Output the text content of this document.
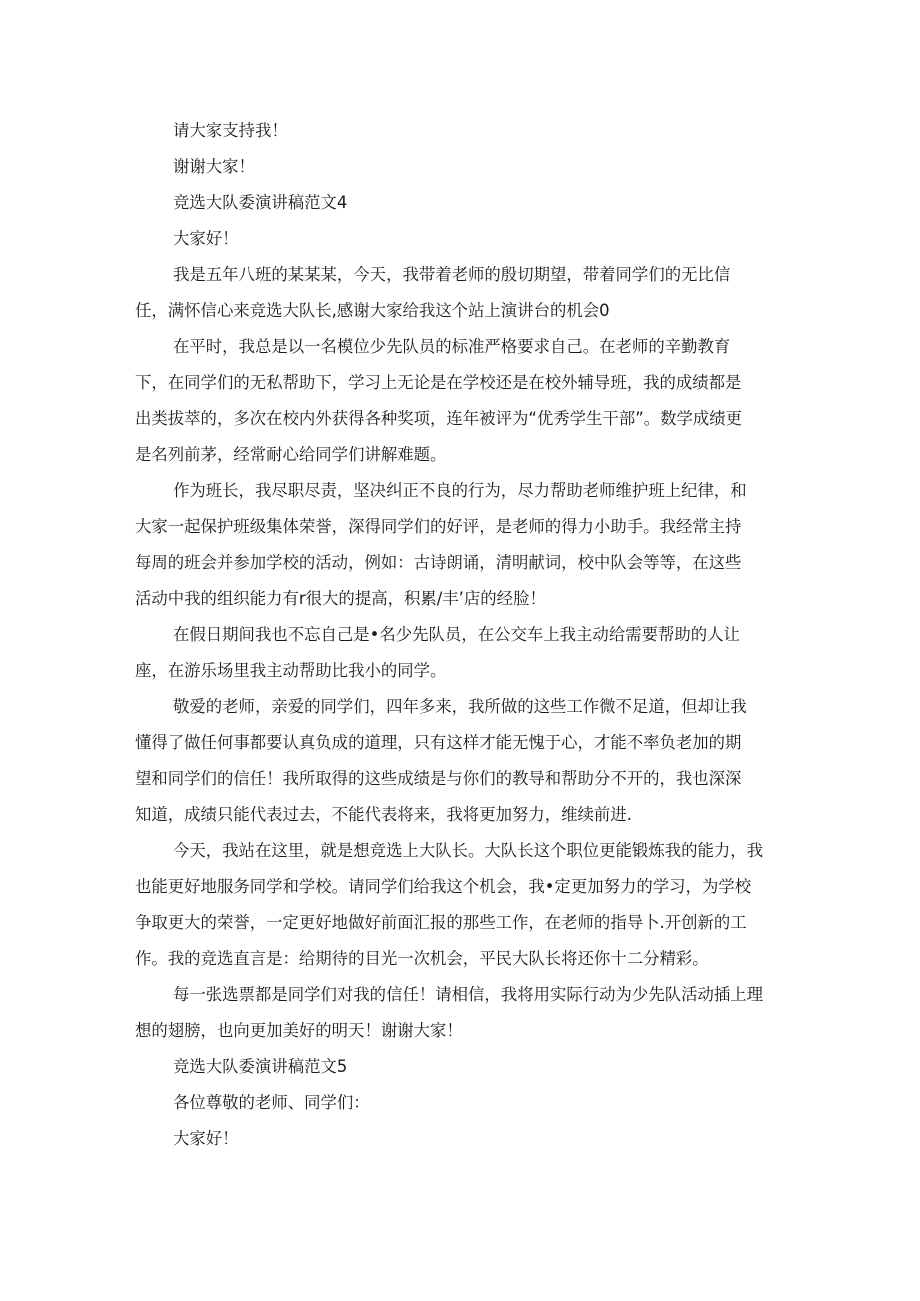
请大家支持我！

谢谢大家！

竞选大队委演讲稿范文4

大家好！

我是五年八班的某某某，今天，我带着老师的殷切期望，带着同学们的无比信

任，满怀信心来竞选大队长,感谢大家给我这个站上演讲台的机会0

在平时，我总是以一名模位少先队员的标准严格要求自己。在老师的辛勤教育

下，在同学们的无私帮助下，学习上无论是在学校还是在校外辅导班，我的成绩都是

出类拔萃的，多次在校内外获得各种奖项，连年被评为“优秀学生干部”。数学成绩更

是名列前茅，经常耐心给同学们讲解难题。

作为班长，我尽职尽责，坚决纠正不良的行为，尽力帮助老师维护班上纪律，和

大家一起保护班级集体荣誉，深得同学们的好评，是老师的得力小助手。我经常主持

每周的班会并参加学校的活动，例如：古诗朗诵，清明献词，校中队会等等，在这些

活动中我的组织能力有r很大的提高，积累/丰’店的经脸！

在假日期间我也不忘自己是•名少先队员，在公交车上我主动给需要帮助的人让

座，在游乐场里我主动帮助比我小的同学。

敬爱的老师，亲爱的同学们，四年多来，我所做的这些工作微不足道，但却让我

懂得了做任何事都要认真负成的道理，只有这样才能无愧于心，才能不率负老加的期

望和同学们的信任！我所取得的这些成绩是与你们的教导和帮助分不开的，我也深深

知道，成绩只能代表过去，不能代表将来，我将更加努力，维续前进.

今天，我站在这里，就是想竞选上大队长。大队长这个职位更能锻炼我的能力，我

也能更好地服务同学和学校。请同学们给我这个机会，我•定更加努力的学习，为学校

争取更大的荣誉，一定更好地做好前面汇报的那些工作，在老师的指导卜.开创新的工

作。我的竞选直言是：给期待的目光一次机会，平民大队长将还你十二分精彩。

每一张选票都是同学们对我的信任！请相信，我将用实际行动为少先队活动插上理

想的翅膀，也向更加美好的明天！谢谢大家！

竞选大队委演讲稿范文5

各位尊敬的老师、同学们：

大家好！
